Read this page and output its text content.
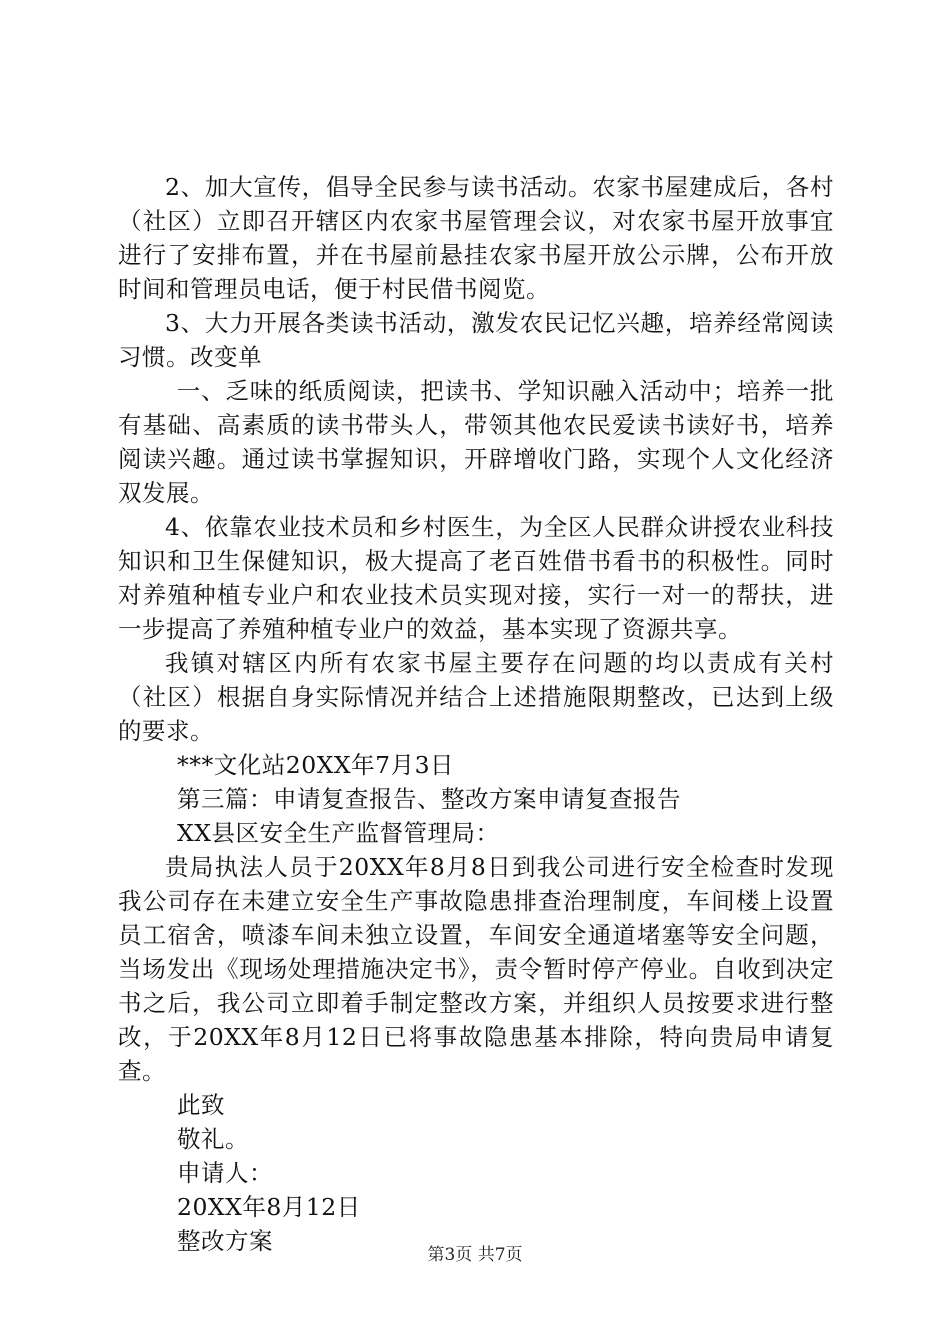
2、加大宣传，倡导全民参与读书活动。农家书屋建成后，各村（社区）立即召开辖区内农家书屋管理会议，对农家书屋开放事宜进行了安排布置，并在书屋前悬挂农家书屋开放公示牌，公布开放时间和管理员电话，便于村民借书阅览。

3、大力开展各类读书活动，激发农民记忆兴趣，培养经常阅读习惯。改变单

一、乏味的纸质阅读，把读书、学知识融入活动中；培养一批有基础、高素质的读书带头人，带领其他农民爱读书读好书，培养阅读兴趣。通过读书掌握知识，开辟增收门路，实现个人文化经济双发展。

4、依靠农业技术员和乡村医生，为全区人民群众讲授农业科技知识和卫生保健知识，极大提高了老百姓借书看书的积极性。同时对养殖种植专业户和农业技术员实现对接，实行一对一的帮扶，进一步提高了养殖种植专业户的效益，基本实现了资源共享。

我镇对辖区内所有农家书屋主要存在问题的均以责成有关村（社区）根据自身实际情况并结合上述措施限期整改，已达到上级的要求。

***文化站20XX年7月3日

第三篇：申请复查报告、整改方案申请复查报告

XX县区安全生产监督管理局：

贵局执法人员于20XX年8月8日到我公司进行安全检查时发现我公司存在未建立安全生产事故隐患排查治理制度，车间楼上设置员工宿舍，喷漆车间未独立设置，车间安全通道堵塞等安全问题，当场发出《现场处理措施决定书》，责令暂时停产停业。自收到决定书之后，我公司立即着手制定整改方案，并组织人员按要求进行整改，于20XX年8月12日已将事故隐患基本排除，特向贵局申请复查。

此致

敬礼。

申请人：

20XX年8月12日

整改方案	第3页 共7页
